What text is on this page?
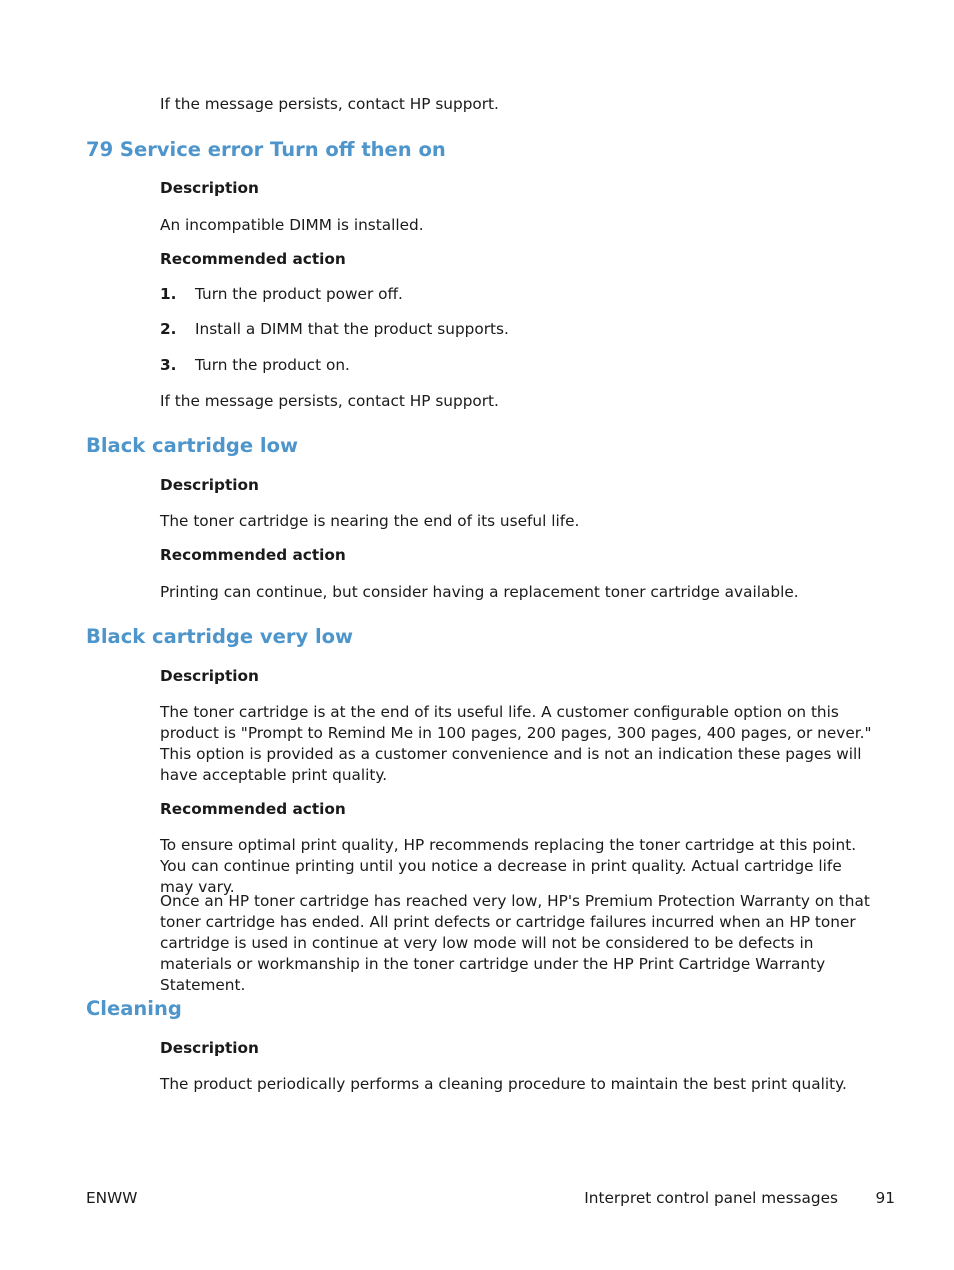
If the message persists, contact HP support.
79 Service error Turn off then on
Description
An incompatible DIMM is installed.
Recommended action
1. Turn the product power off.
2. Install a DIMM that the product supports.
3. Turn the product on.
If the message persists, contact HP support.
Black cartridge low
Description
The toner cartridge is nearing the end of its useful life.
Recommended action
Printing can continue, but consider having a replacement toner cartridge available.
Black cartridge very low
Description
The toner cartridge is at the end of its useful life. A customer configurable option on this product is "Prompt to Remind Me in 100 pages, 200 pages, 300 pages, 400 pages, or never." This option is provided as a customer convenience and is not an indication these pages will have acceptable print quality.
Recommended action
To ensure optimal print quality, HP recommends replacing the toner cartridge at this point. You can continue printing until you notice a decrease in print quality. Actual cartridge life may vary.
Once an HP toner cartridge has reached very low, HP's Premium Protection Warranty on that toner cartridge has ended. All print defects or cartridge failures incurred when an HP toner cartridge is used in continue at very low mode will not be considered to be defects in materials or workmanship in the toner cartridge under the HP Print Cartridge Warranty Statement.
Cleaning
Description
The product periodically performs a cleaning procedure to maintain the best print quality.
ENWW	Interpret control panel messages 91
